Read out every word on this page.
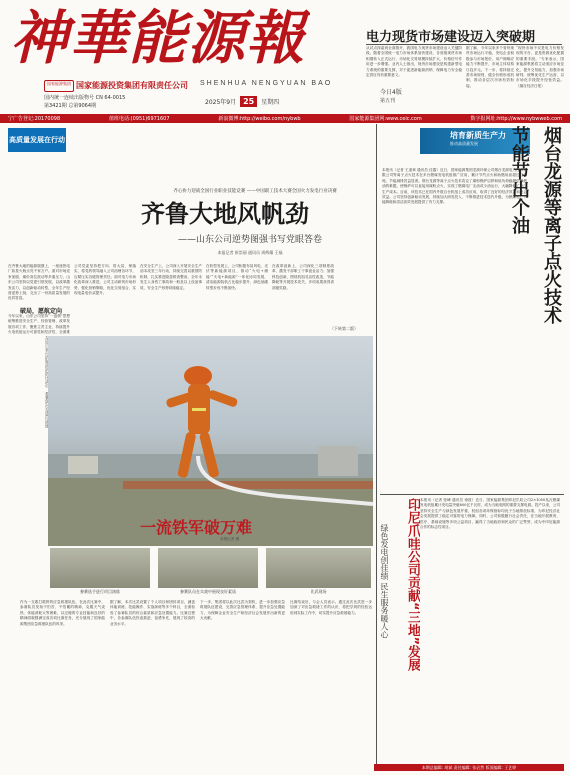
神華能源報
国家能源集团 国家能源投资集团有限责任公司	SHENHUA NENGYUAN BAO
国内统一连续出版物号 CN 64-0015
第3421期 总第9064期
2025年9月 25	星期四
今日4版
第五刊
电力现货市场建设迈入突破期
从试点探索到全面推开，我国电力现货市场建设迈入关键阶段。随着全国统一电力市场体系加快建设，各省级现货市场相继转入正式运行，市场化交易规模持续扩大，价格信号作用进一步增强。业内人士指出，现货市场建设是构建新型电力系统的重要支撑，对于促进新能源消纳、保障电力安全稳定供应具有重要意义。
据了解，今年以来多个省份现货市场运行平稳，发电企业积极参与市场报价，用户侧响应能力不断提升，市场主体结构日趋多元。下一步，将持续完善市场规则，健全价格形成机制，推动各层次市场有效衔接。
“现货市场不仅是电力价格发现的平台，更是资源优化配置的重要手段。”专家表示，国家能源集团将主动适应市场变化，提升交易能力，加强市场研判，统筹优化生产运营，以市场化手段提升经营效益。（摘自经济日报）
宁广告登记:20170098	值班电话:(0951)6971607	新浪微博:http://weibo.com/nybwb	国家能源集团网:www.ceic.com	数字报网址:http://www.nybwweb.com
高质量发展在行动
齐心协力迎战全国行业职业技能竞赛 ——中国职工技术大赛全国火力发电行业决赛
齐鲁大地风帆劲
——山东公司逆势图强书写党眼答卷
本报记者 崔崇丽 通讯员 周辉耀 王福
在齐鲁大地的能源版图上，一座座热电厂如星火般点亮千家万户。面对市场竞争加剧、煤价高位波动等多重压力，山东公司坚持以党建引领发展，以改革激发活力，以创新驱动转型，全年生产经营逆势上扬，交出了一份高质量发展的优异答卷。
破局，愿航定向
今年以来，山东公司坚持“一盘棋”思想统筹推进安全生产、经营管理、改革发展各项工作，聚焦主责主业，持续提升火电机组运行可靠性和经济性，全面推
公司党委坚持把方向、管大局、保落实，将党的领导融入公司治理各环节，压紧压实各级管理责任。面对电力市场化改革深入推进，公司主动研判市场形势，强化营销策略，优化交易组合，实现电量电价双提升。
在安全生产上，公司深入开展安全生产治本攻坚三年行动，持续完善双重预防机制，扎实推进隐患排查整治，全年未发生人身伤亡事故和一般及以上设备事故，安全生产形势持续稳定。
在转型发展上，公司积极布局风电、光伏等新能源项目，推动“火电+储能”“火电+新能源”一体化协同发展，清洁能源装机占比稳步提升，绿色低碳转型步伐不断加快。
在改革创新上，公司深化三项制度改革，激发干部职工干事创业活力；加强科技创新，围绕机组灵活性改造、节能降耗等开展技术攻关，多项成果获得省部级奖励。
（下转第二版）
一流铁军破万难
本报记者 摄
参赛选手进行项目演练	参赛队员在实战中展现良好素质	比武现场
作为一支敢打敢拼的应急救援队伍，在此次比赛中，参赛队员发扬不怕苦、不怕累的精神，克服天气炎热、体能消耗大等困难，以过硬的专业技能和良好的精神面貌圆满完成各项比赛任务，充分展现了国家能源集团应急救援队伍的风采。
据了解，本次比武设置了个人项目和团体项目，涵盖体能训练、技能操作、实战演练等多个科目，全面检验了参赛队员的综合素质和应急处置能力。比赛过程中，各参赛队伍你追我赶、奋勇争先，展现了较高的业务水平。
下一步，集团将以此次比武为契机，进一步加强应急救援队伍建设，完善应急管理体系，提升应急处置能力，为保障企业安全生产和经济社会发展作出新的更大贡献。
比赛结束后，与会人员表示，通过此次比武进一步加深了对应急救援工作的认识，将把学到的经验运用到实际工作中，切实提升应急救援能力。
培育新质生产力
推动高质量发展	烟台龙源等离子点火技术
节能节出个油
本报讯（记者 王道章 通讯员 佳露）近日，国家能源集团龙源环保公司烟台龙源电力技术有限公司等离子点火技术在多台燃煤发电机组推广应用，累计节约点火和助燃用油超过百万吨，节能减排效益显著。烟台龙源等离子点火技术攻克了煤粉锅炉启停和低负荷稳燃依赖燃油的难题，使锅炉可以直接用煤粉点火，实现了燃煤电厂无油或少油运行，大幅降低了电厂生产成本。目前，该技术已在国内外数百台机组上成功应用，取得了良好的经济效益和社会效益。公司坚持创新驱动发展，持续加大研发投入，不断推进技术迭代升级，为燃煤电厂节能降耗和清洁高效发展提供了有力支撑。
印尼爪哇公司贡献“三地”发展
绿色发电创佳绩 民生服务暖人心
本报讯（记者 张峰 通讯员 徐波）近日，国家能源集团印尼爪哇公司2×1050兆瓦燃煤发电机组累计发电量突破600亿千瓦时，成为当地电网的重要支撑电源。投产以来，公司坚持安全生产与绿色发展并重，机组各项环保指标均优于当地排放标准，为印尼经济社会发展提供了稳定可靠的电力保障。同时，公司积极履行社会责任，在当地开展教育、医疗、基础设施等多项公益项目，赢得了当地政府和民众的广泛赞誉，成为中印尼能源合作的标志性项目。
本期总编辑: 胡斌 责任编辑: 张必然 版面编辑: 王艺婷
